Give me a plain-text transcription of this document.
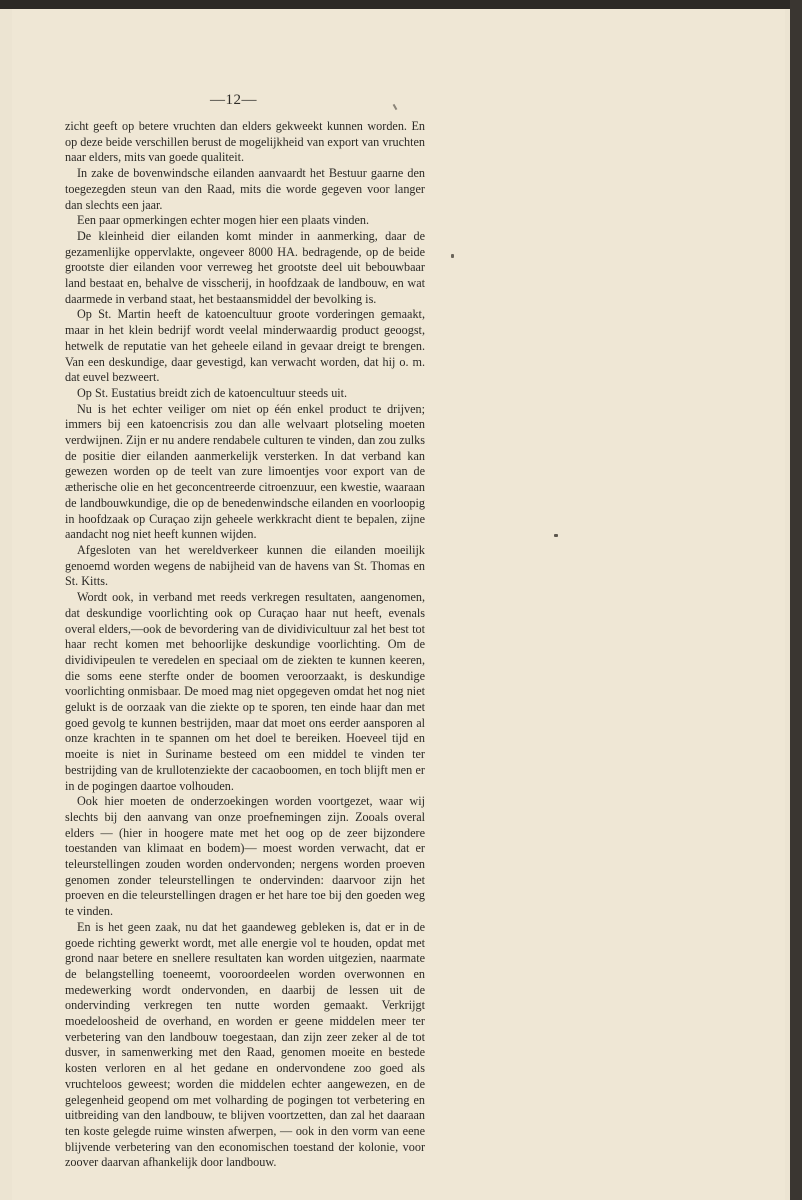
—12—

zicht geeft op betere vruchten dan elders gekweekt kunnen worden. En op deze beide verschillen berust de mogelijkheid van export van vruchten naar elders, mits van goede qualiteit.

In zake de bovenwindsche eilanden aanvaardt het Bestuur gaarne den toegezegden steun van den Raad, mits die worde gegeven voor langer dan slechts een jaar.

Een paar opmerkingen echter mogen hier een plaats vinden.

De kleinheid dier eilanden komt minder in aanmerking, daar de gezamenlijke oppervlakte, ongeveer 8000 HA. bedragende, op de beide grootste dier eilanden voor verreweg het grootste deel uit bebouwbaar land bestaat en, behalve de visscherij, in hoofdzaak de landbouw, en wat daarmede in verband staat, het bestaansmiddel der bevolking is.

Op St. Martin heeft de katoencultuur groote vorderingen gemaakt, maar in het klein bedrijf wordt veelal minderwaardig product geoogst, hetwelk de reputatie van het geheele eiland in gevaar dreigt te brengen. Van een deskundige, daar gevestigd, kan verwacht worden, dat hij o. m. dat euvel bezweert.

Op St. Eustatius breidt zich de katoencultuur steeds uit.

Nu is het echter veiliger om niet op één enkel product te drijven; immers bij een katoencrisis zou dan alle welvaart plotseling moeten verdwijnen. Zijn er nu andere rendabele culturen te vinden, dan zou zulks de positie dier eilanden aanmerkelijk versterken. In dat verband kan gewezen worden op de teelt van zure limoentjes voor export van de ætherische olie en het geconcentreerde citroenzuur, een kwestie, waaraan de landbouwkundige, die op de benedenwindsche eilanden en voorloopig in hoofdzaak op Curaçao zijn geheele werkkracht dient te bepalen, zijne aandacht nog niet heeft kunnen wijden.

Afgesloten van het wereldverkeer kunnen die eilanden moeilijk genoemd worden wegens de nabijheid van de havens van St. Thomas en St. Kitts.

Wordt ook, in verband met reeds verkregen resultaten, aangenomen, dat deskundige voorlichting ook op Curaçao haar nut heeft, evenals overal elders,—ook de bevordering van de dividivicultuur zal het best tot haar recht komen met behoorlijke deskundige voorlichting. Om de dividivipeulen te veredelen en speciaal om de ziekten te kunnen keeren, die soms eene sterfte onder de boomen veroorzaakt, is deskundige voorlichting onmisbaar. De moed mag niet opgegeven omdat het nog niet gelukt is de oorzaak van die ziekte op te sporen, ten einde haar dan met goed gevolg te kunnen bestrijden, maar dat moet ons eerder aansporen al onze krachten in te spannen om het doel te bereiken. Hoeveel tijd en moeite is niet in Suriname besteed om een middel te vinden ter bestrijding van de krullotenziekte der cacaoboomen, en toch blijft men er in de pogingen daartoe volhouden.

Ook hier moeten de onderzoekingen worden voortgezet, waar wij slechts bij den aanvang van onze proefnemingen zijn. Zooals overal elders — (hier in hoogere mate met het oog op de zeer bijzondere toestanden van klimaat en bodem)— moest worden verwacht, dat er teleurstellingen zouden worden ondervonden; nergens worden proeven genomen zonder teleurstellingen te ondervinden: daarvoor zijn het proeven en die teleurstellingen dragen er het hare toe bij den goeden weg te vinden.

En is het geen zaak, nu dat het gaandeweg gebleken is, dat er in de goede richting gewerkt wordt, met alle energie vol te houden, opdat met grond naar betere en snellere resultaten kan worden uitgezien, naarmate de belangstelling toeneemt, vooroordeelen worden overwonnen en medewerking wordt ondervonden, en daarbij de lessen uit de ondervinding verkregen ten nutte worden gemaakt. Verkrijgt moedeloosheid de overhand, en worden er geene middelen meer ter verbetering van den landbouw toegestaan, dan zijn zeer zeker al de tot dusver, in samenwerking met den Raad, genomen moeite en bestede kosten verloren en al het gedane en ondervondene zoo goed als vruchteloos geweest; worden die middelen echter aangewezen, en de gelegenheid geopend om met volharding de pogingen tot verbetering en uitbreiding van den landbouw, te blijven voortzetten, dan zal het daaraan ten koste gelegde ruime winsten afwerpen, — ook in den vorm van eene blijvende verbetering van den economischen toestand der kolonie, voor zoover daarvan afhankelijk door landbouw.
